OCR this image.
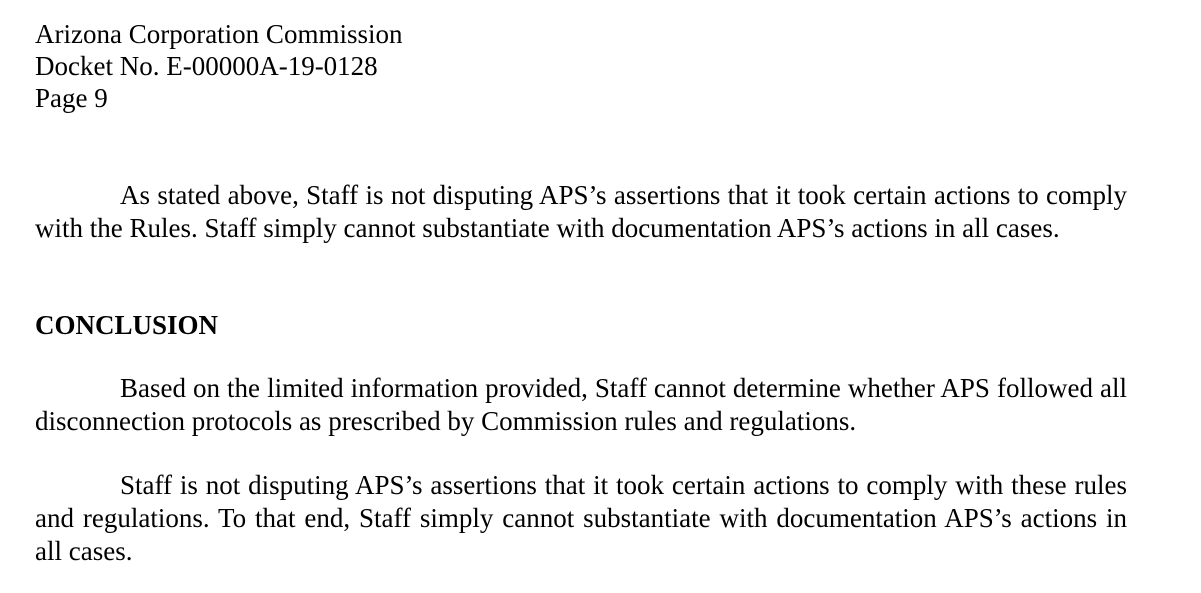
Arizona Corporation Commission
Docket No. E-00000A-19-0128
Page 9

As stated above, Staff is not disputing APS’s assertions that it took certain actions to comply with the Rules. Staff simply cannot substantiate with documentation APS’s actions in all cases.

CONCLUSION

Based on the limited information provided, Staff cannot determine whether APS followed all disconnection protocols as prescribed by Commission rules and regulations.

Staff is not disputing APS’s assertions that it took certain actions to comply with these rules and regulations. To that end, Staff simply cannot substantiate with documentation APS’s actions in all cases.
